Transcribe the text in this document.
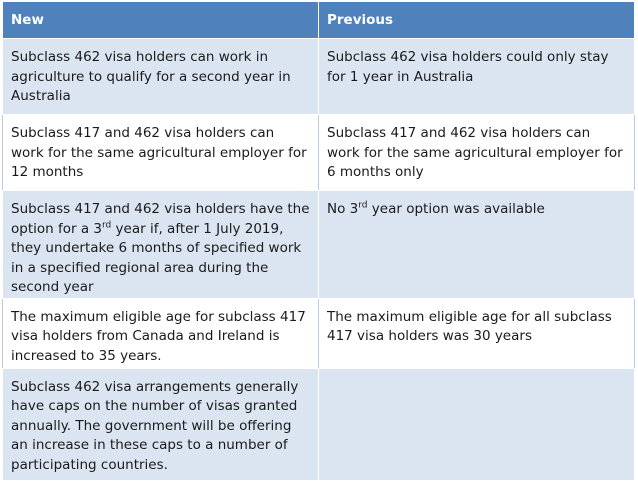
New	Previous
Subclass 462 visa holders can work in agriculture to qualify for a second year in Australia	Subclass 462 visa holders could only stay for 1 year in Australia
Subclass 417 and 462 visa holders can work for the same agricultural employer for 12 months	Subclass 417 and 462 visa holders can work for the same agricultural employer for 6 months only
Subclass 417 and 462 visa holders have the option for a 3rd year if, after 1 July 2019, they undertake 6 months of specified work in a specified regional area during the second year	No 3rd year option was available
The maximum eligible age for subclass 417 visa holders from Canada and Ireland is increased to 35 years.	The maximum eligible age for all subclass 417 visa holders was 30 years
Subclass 462 visa arrangements generally have caps on the number of visas granted annually. The government will be offering an increase in these caps to a number of participating countries.	
